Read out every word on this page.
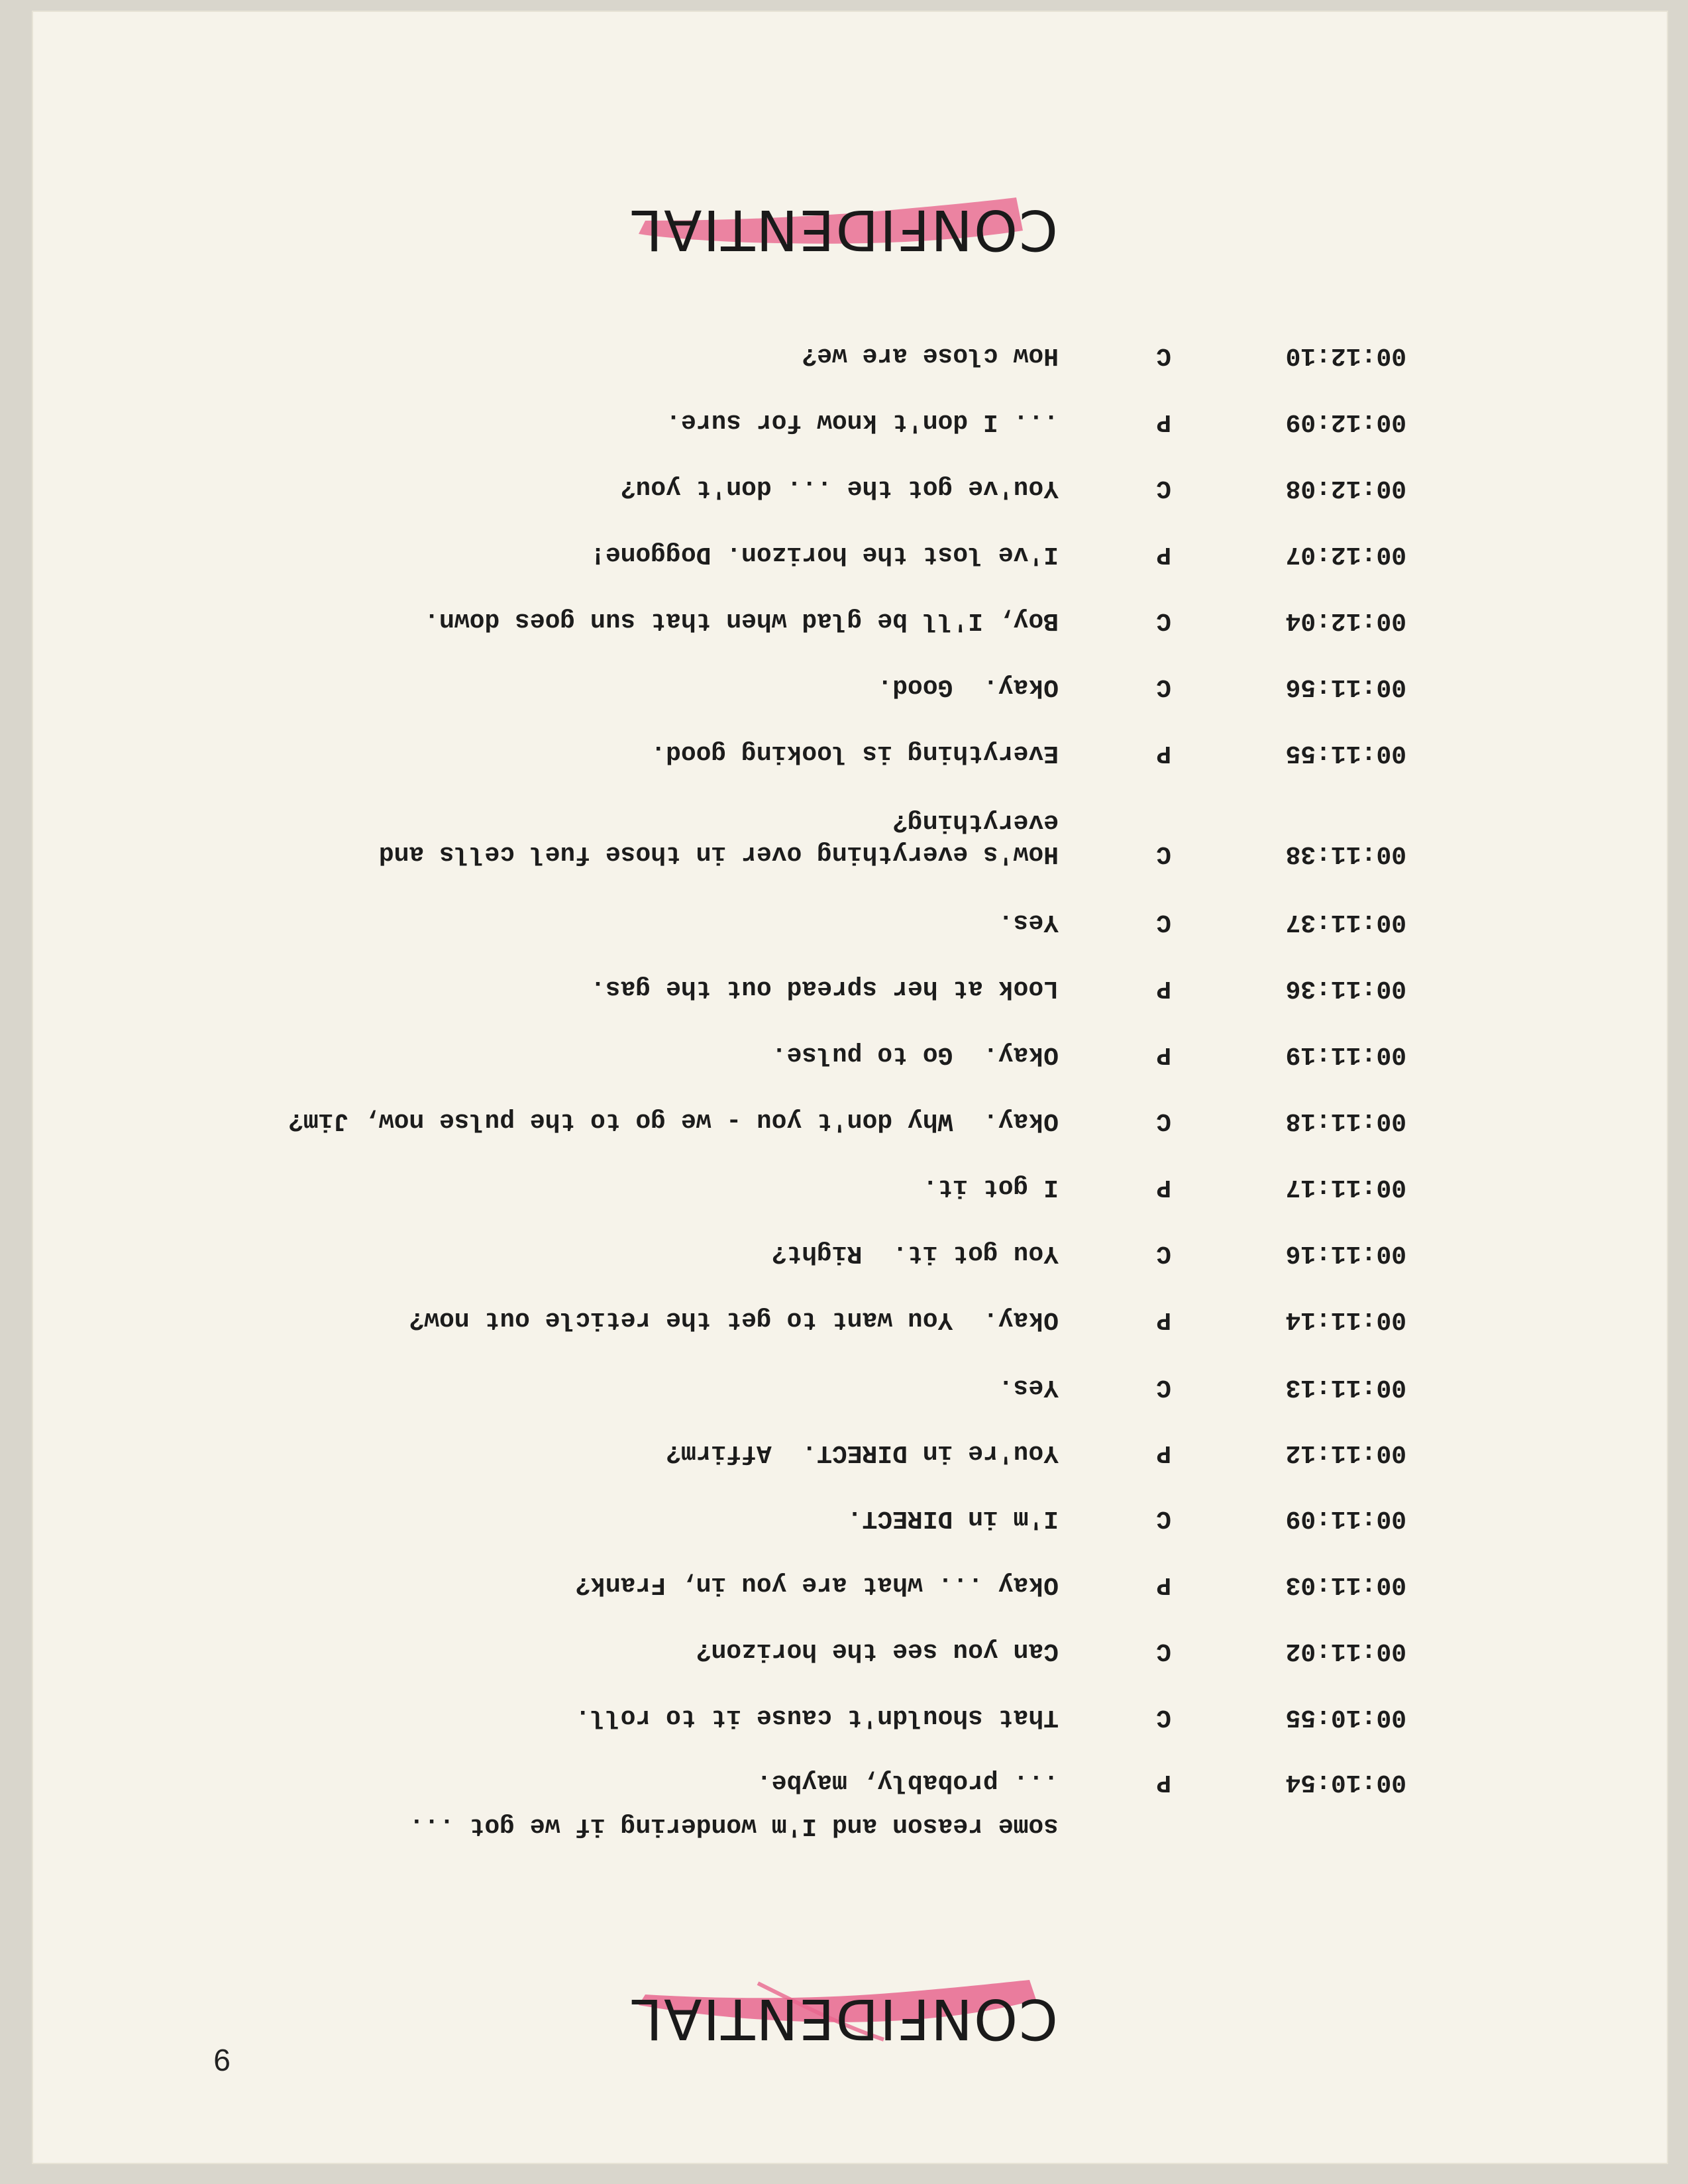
9
CONFIDENTIAL

some reason and I'm wondering if we got ...

00:10:54
P
... probably, maybe.
00:10:55
C
That shouldn't cause it to roll.
00:11:02
C
Can you see the horizon?
00:11:03
P
Okay ... what are you in, Frank?
00:11:09
C
I'm in DIRECT.
00:11:12
P
You're in DIRECT.  Affirm?
00:11:13
C
Yes.
00:11:14
P
Okay.  You want to get the reticle out now?
00:11:16
C
You got it.  Right?
00:11:17
P
I got it.
00:11:18
C
Okay.  Why don't you - we go to the pulse now, Jim?
00:11:19
P
Okay.  Go to pulse.
00:11:36
P
Look at her spread out the gas.
00:11:37
C
Yes.
00:11:38
C
How's everything over in those fuel cells and
everything?
00:11:55
P
Everything is looking good.
00:11:56
C
Okay.  Good.
00:12:04
C
Boy, I'll be glad when that sun goes down.
00:12:07
P
I've lost the horizon. Doggone!
00:12:08
C
You've got the ... don't you?
00:12:09
P
... I don't know for sure.
00:12:10
C
How close are we?
CONFIDENTIAL
